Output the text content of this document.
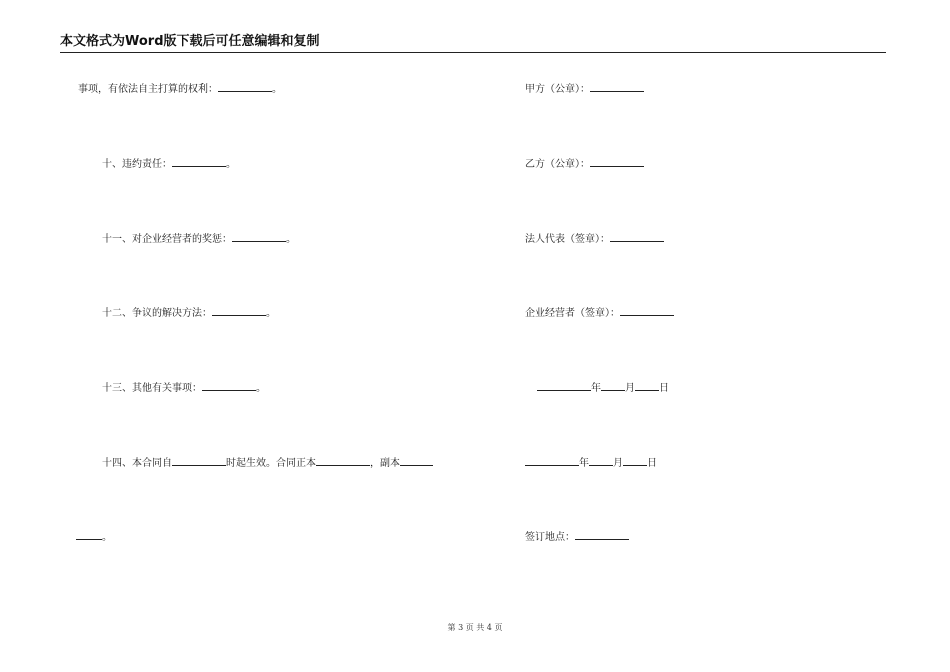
本文格式为Word版下载后可任意编辑和复制
事项，有依法自主打算的权利：	。
十、违约责任：	。
十一、对企业经营者的奖惩：	。
十二、争议的解决方法：	。
十三、其他有关事项：	。
十四、本合同自	时起生效。合同正本	，副本
。
甲方（公章）：
乙方（公章）：
法人代表（签章）：
企业经营者（签章）：
年 月 日
年 月 日
签订地点：
第 3 页 共 4 页
